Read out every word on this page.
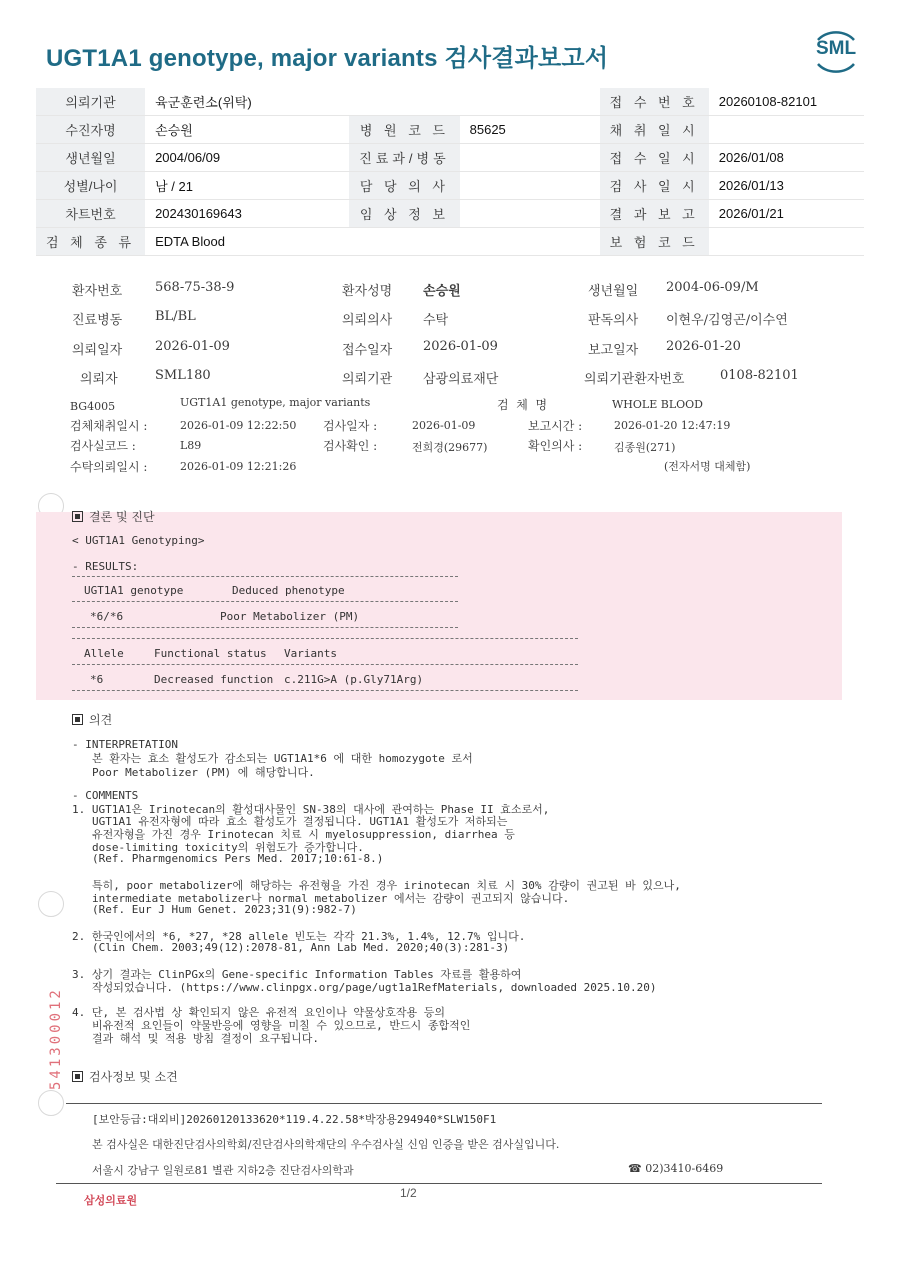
UGT1A1 genotype, major variants 검사결과보고서	SML
의뢰기관	육군훈련소(위탁)			접 수 번 호	20260108-82101
수진자명	손승원	병 원 코 드	85625	채 취 일 시	
생년월일	2004/06/09	진료과/병동		접 수 일 시	2026/01/08
성별/나이	남 / 21	담 당 의 사		검 사 일 시	2026/01/13
차트번호	202430169643	임 상 정 보		결 과 보 고	2026/01/21
검 체 종 류	EDTA Blood			보 험 코 드	
환자번호	568-75-38-9	환자성명 손승원	생년월일 2004-06-09/M
진료병동	BL/BL	의뢰의사 수탁	판독의사 이현우/김영곤/이수연
의뢰일자	2026-01-09	접수일자 2026-01-09	보고일자 2026-01-20
의뢰자	SML180	의뢰기관 삼광의료재단	의뢰기관환자번호	0108-82101
BG4005	UGT1A1 genotype, major variants	검  체  명	WHOLE BLOOD
검체채취일시 :	2026-01-09 12:22:50 검사일자 :	2026-01-09	보고시간 :	2026-01-20 12:47:19
검사실코드 :	L89	검사확인 :	전희경(29677)	확인의사 :	김종원(271)
수탁의뢰일시 :	2026-01-09 12:21:26	(전자서명 대체함)
결론 및 진단
< UGT1A1 Genotyping>
- RESULTS:
UGT1A1 genotype	Deduced phenotype
*6/*6	Poor Metabolizer (PM)
Allele	Functional status Variants
*6	Decreased function c.211G>A (p.Gly71Arg)
의견
- INTERPRETATION
본 환자는 효소 활성도가 감소되는 UGT1A1*6 에 대한 homozygote 로서
Poor Metabolizer (PM) 에 해당합니다.
- COMMENTS
1. UGT1A1은 Irinotecan의 활성대사물인 SN-38의 대사에 관여하는 Phase II 효소로서,
UGT1A1 유전자형에 따라 효소 활성도가 결정됩니다. UGT1A1 활성도가 저하되는
유전자형을 가진 경우 Irinotecan 치료 시 myelosuppression, diarrhea 등
dose-limiting toxicity의 위험도가 증가합니다.
(Ref. Pharmgenomics Pers Med. 2017;10:61-8.)
특히, poor metabolizer에 해당하는 유전형을 가진 경우 irinotecan 치료 시 30% 감량이 권고된 바 있으나,
intermediate metabolizer나 normal metabolizer 에서는 감량이 권고되지 않습니다.
(Ref. Eur J Hum Genet. 2023;31(9):982-7)
2. 한국인에서의 *6, *27, *28 allele 빈도는 각각 21.3%, 1.4%, 12.7% 입니다.
(Clin Chem. 2003;49(12):2078-81, Ann Lab Med. 2020;40(3):281-3)
3. 상기 결과는 ClinPGx의 Gene-specific Information Tables 자료를 활용하여
작성되었습니다. (https://www.clinpgx.org/page/ugt1a1RefMaterials, downloaded 2025.10.20)
4. 단, 본 검사법 상 확인되지 않은 유전적 요인이나 약물상호작용 등의
비유전적 요인들이 약물반응에 영향을 미칠 수 있으므로, 반드시 종합적인
결과 해석 및 적용 방침 결정이 요구됩니다.
검사정보 및 소견
[보안등급:대외비]20260120133620*119.4.22.58*박장용294940*SLW150F1
본 검사실은 대한진단검사의학회/진단검사의학재단의 우수검사실 신임 인증을 받은 검사실입니다.
서울시 강남구 일원로81 별관 지하2층 진단검사의학과	☎ 02)3410-6469
541300012
삼성의료원
1/2
